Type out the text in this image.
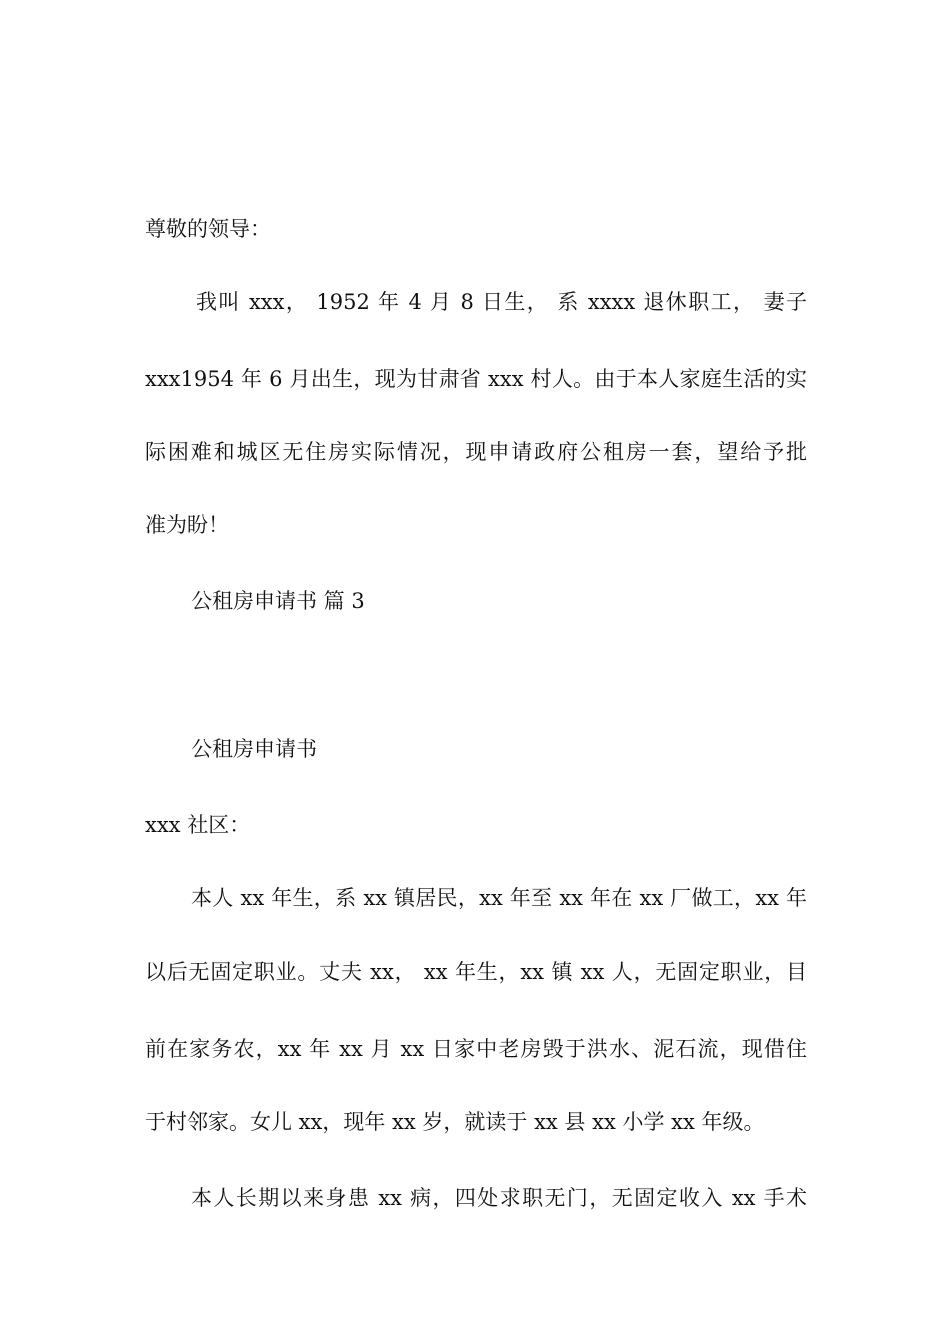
尊敬的领导：
我叫 xxx， 1952 年 4 月 8 日生， 系 xxxx 退休职工， 妻子
xxx1954 年 6 月出生，现为甘肃省 xxx 村人。由于本人家庭生活的实
际困难和城区无住房实际情况，现申请政府公租房一套，望给予批
准为盼！
公租房申请书 篇 3
公租房申请书
xxx 社区：
本人 xx 年生，系 xx 镇居民，xx 年至 xx 年在 xx 厂做工，xx 年
以后无固定职业。丈夫 xx， xx 年生，xx 镇 xx 人，无固定职业，目
前在家务农，xx 年 xx 月 xx 日家中老房毁于洪水、泥石流，现借住
于村邻家。女儿 xx，现年 xx 岁，就读于 xx 县 xx 小学 xx 年级。
本人长期以来身患 xx 病，四处求职无门，无固定收入 xx 手术
